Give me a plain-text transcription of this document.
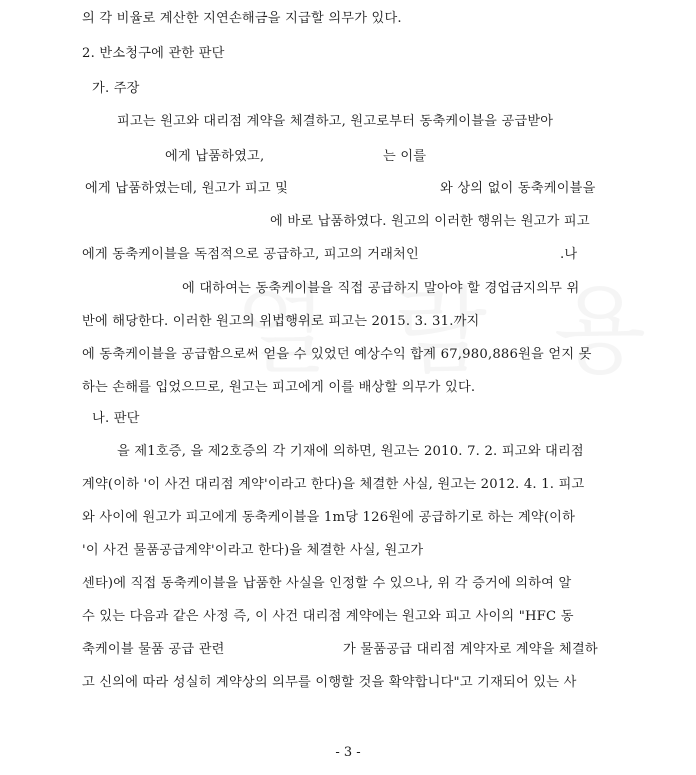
의 각 비율로 계산한 지연손해금을 지급할 의무가 있다.
2. 반소청구에 관한 판단
가. 주장
피고는 원고와 대리점 계약을 체결하고, 원고로부터 동축케이블을 공급받아
에게 납품하였고,	는 이를
에게 납품하였는데, 원고가 피고 및	와 상의 없이 동축케이블을
에 바로 납품하였다. 원고의 이러한 행위는 원고가 피고
에게 동축케이블을 독점적으로 공급하고, 피고의 거래처인	.나
에 대하여는 동축케이블을 직접 공급하지 말아야 할 경업금지의무 위
반에 해당한다. 이러한 원고의 위법행위로 피고는 2015. 3. 31.까지
에 동축케이블을 공급함으로써 얻을 수 있었던 예상수익 합계 67,980,886원을 얻지 못
하는 손해를 입었으므로, 원고는 피고에게 이를 배상할 의무가 있다.
나. 판단
을 제1호증, 을 제2호증의 각 기재에 의하면, 원고는 2010. 7. 2. 피고와 대리점
계약(이하 '이 사건 대리점 계약'이라고 한다)을 체결한 사실, 원고는 2012. 4. 1. 피고
와 사이에 원고가 피고에게 동축케이블을 1m당 126원에 공급하기로 하는 계약(이하
'이 사건 물품공급계약'이라고 한다)을 체결한 사실, 원고가
센타)에 직접 동축케이블을 납품한 사실을 인정할 수 있으나, 위 각 증거에 의하여 알
수 있는 다음과 같은 사정 즉, 이 사건 대리점 계약에는 원고와 피고 사이의 "HFC 동
축케이블 물품 공급 관련	가 물품공급 대리점 계약자로 계약을 체결하
고 신의에 따라 성실히 계약상의 의무를 이행할 것을 확약합니다"고 기재되어 있는 사
- 3 -
